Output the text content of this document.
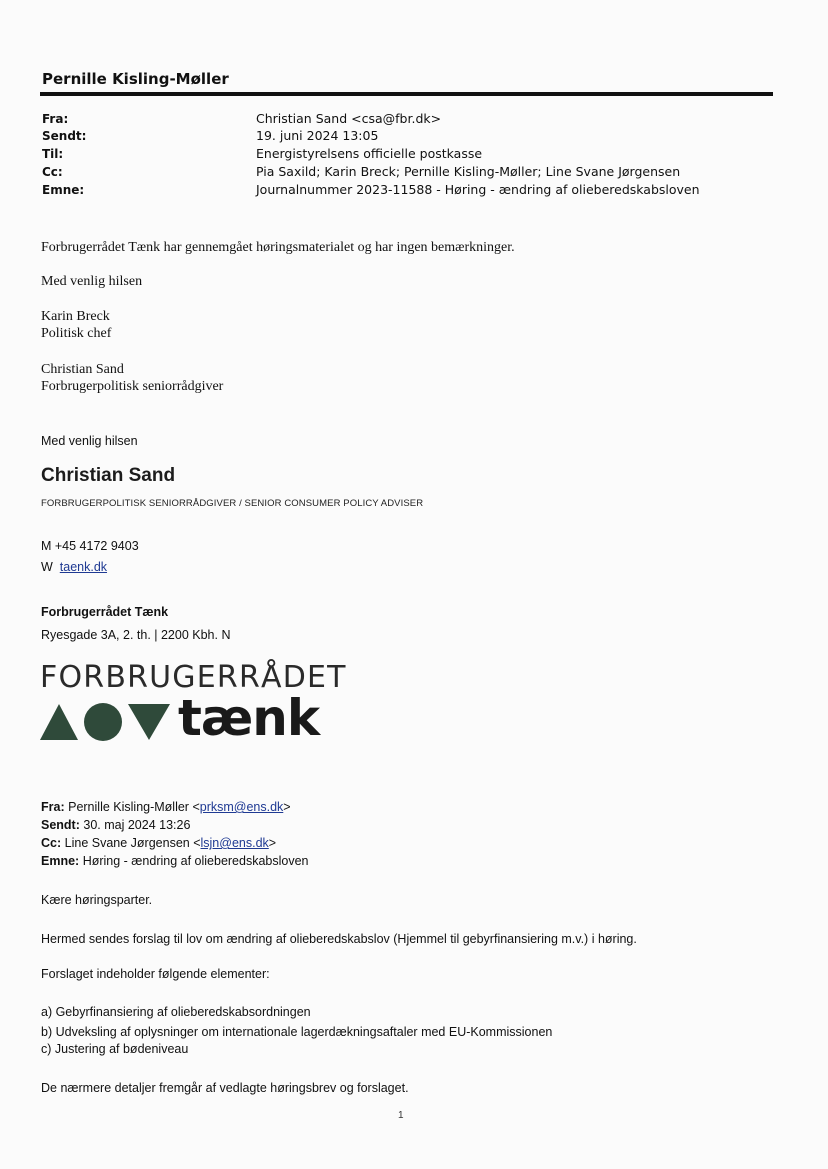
Pernille Kisling-Møller
Fra:	Christian Sand <csa@fbr.dk>
Sendt:	19. juni 2024 13:05
Til:	Energistyrelsens officielle postkasse
Cc:	Pia Saxild; Karin Breck; Pernille Kisling-Møller; Line Svane Jørgensen
Emne:	Journalnummer 2023-11588 - Høring - ændring af olieberedskabsloven
Forbrugerrådet Tænk har gennemgået høringsmaterialet og har ingen bemærkninger.
Med venlig hilsen
Karin Breck
Politisk chef
Christian Sand
Forbrugerpolitisk seniorrådgiver
Med venlig hilsen
Christian Sand
FORBRUGERPOLITISK SENIORRÅDGIVER / SENIOR CONSUMER POLICY ADVISER
M +45 4172 9403
W taenk.dk
Forbrugerrådet Tænk
Ryesgade 3A, 2. th. | 2200 Kbh. N
FORBRUGERRÅDET
tænk
Fra: Pernille Kisling-Møller <prksm@ens.dk>
Sendt: 30. maj 2024 13:26
Cc: Line Svane Jørgensen <lsjn@ens.dk>
Emne: Høring - ændring af olieberedskabsloven
Kære høringsparter.
Hermed sendes forslag til lov om ændring af olieberedskabslov (Hjemmel til gebyrfinansiering m.v.) i høring.
Forslaget indeholder følgende elementer:
a) Gebyrfinansiering af olieberedskabsordningen
b) Udveksling af oplysninger om internationale lagerdækningsaftaler med EU-Kommissionen
c) Justering af bødeniveau
De nærmere detaljer fremgår af vedlagte høringsbrev og forslaget.
1
